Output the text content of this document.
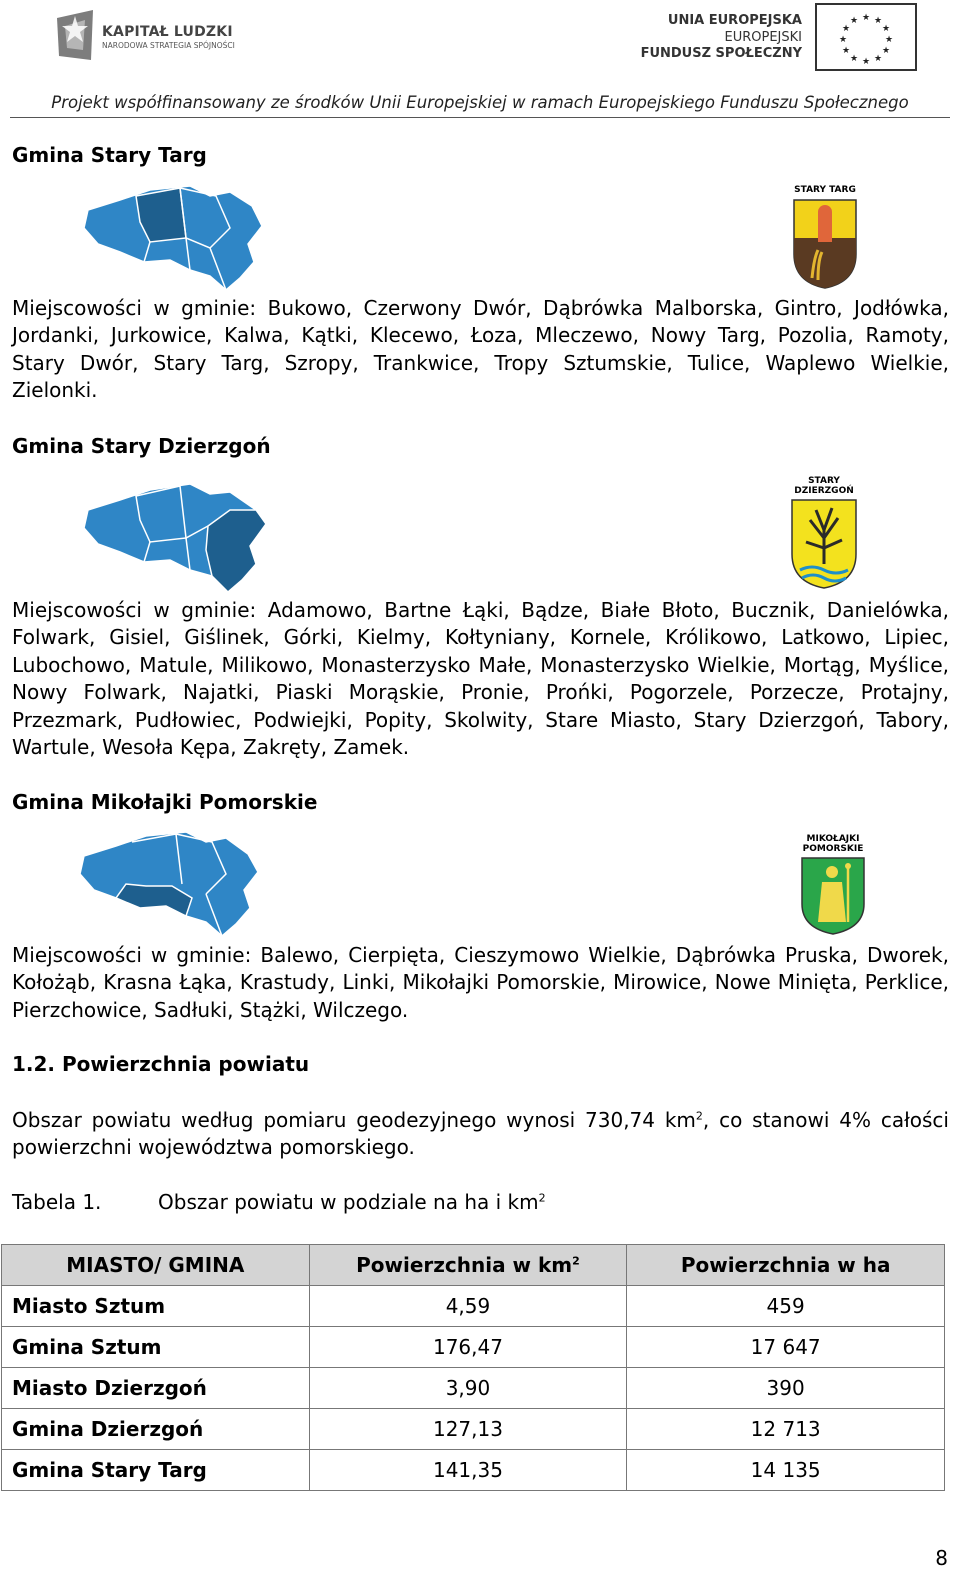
KAPITAŁ LUDZKI
NARODOWA STRATEGIA SPÓJNOŚCI
UNIA EUROPEJSKA
EUROPEJSKI
FUNDUSZ SPOŁECZNY
★ ★
★
★
★
★
★
★
★
★
★
★
Projekt współfinansowany ze środków Unii Europejskiej w ramach Europejskiego Funduszu Społecznego
Gmina Stary Targ
STARY TARG

Miejscowości w gminie: Bukowo, Czerwony Dwór, Dąbrówka Malborska, Gintro, Jodłówka, Jordanki, Jurkowice, Kalwa, Kątki, Klecewo, Łoza, Mleczewo, Nowy Targ, Pozolia, Ramoty, Stary Dwór, Stary Targ, Szropy, Trankwice, Tropy Sztumskie, Tulice, Waplewo Wielkie, Zielonki.

Gmina Stary Dzierzgoń
STARY
DZIERZGOŃ

Miejscowości w gminie: Adamowo, Bartne Łąki, Bądze, Białe Błoto, Bucznik, Danielówka, Folwark, Gisiel, Giślinek, Górki, Kielmy, Kołtyniany, Kornele, Królikowo, Latkowo, Lipiec, Lubochowo, Matule, Milikowo, Monasterzysko Małe, Monasterzysko Wielkie, Mortąg, Myślice, Nowy Folwark, Najatki, Piaski Morąskie, Pronie, Prońki, Pogorzele, Porzecze, Protajny, Przezmark, Pudłowiec, Podwiejki, Popity, Skolwity, Stare Miasto, Stary Dzierzgoń, Tabory, Wartule, Wesoła Kępa, Zakręty, Zamek.

Gmina Mikołajki Pomorskie
MIKOŁAJKI
POMORSKIE

Miejscowości w gminie: Balewo, Cierpięta, Cieszymowo Wielkie, Dąbrówka Pruska, Dworek, Kołożąb, Krasna Łąka, Krastudy, Linki, Mikołajki Pomorskie, Mirowice, Nowe Minięta, Perklice, Pierzchowice, Sadłuki, Stążki, Wilczego.

1.2. Powierzchnia powiatu

Obszar powiatu według pomiaru geodezyjnego wynosi 730,74 $km^2$, co stanowi 4% całości powierzchni województwa pomorskiego.

Tabela 1.	Obszar powiatu w podziale na ha i $km^2$
MIASTO/ GMINA	Powierzchnia w $km^2$	Powierzchnia w ha
Miasto Sztum	4,59	459
Gmina Sztum	176,47	17 647
Miasto Dzierzgoń	3,90	390
Gmina Dzierzgoń	127,13	12 713
Gmina Stary Targ	141,35	14 135
8
